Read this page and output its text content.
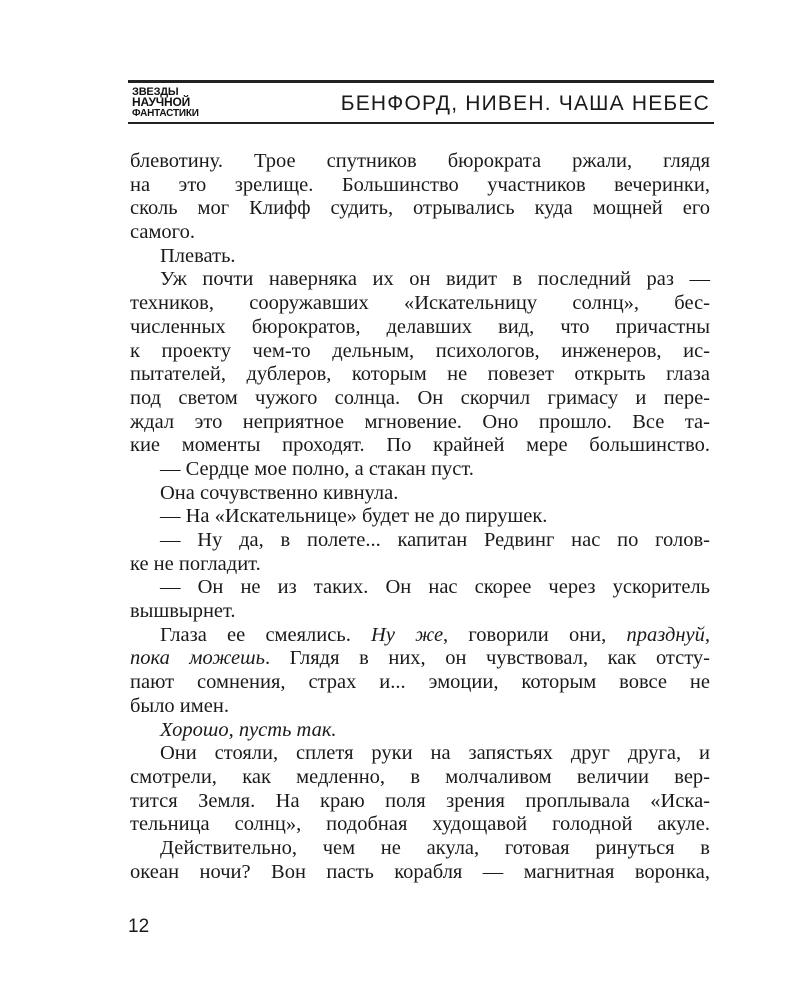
ЗВЕЗДЫ
НАУЧНОЙ
ФАНТАСТИКИ	БЕНФОРД, НИВЕН. ЧАША НЕБЕС
блевотину. Трое спутников бюрократа ржали, глядя
на это зрелище. Большинство участников вечеринки,
сколь мог Клифф судить, отрывались куда мощней его
самого.
Плевать.
Уж почти наверняка их он видит в последний раз —
техников, сооружавших «Искательницу солнц», бес-
численных бюрократов, делавших вид, что причастны
к проекту чем-то дельным, психологов, инженеров, ис-
пытателей, дублеров, которым не повезет открыть глаза
под светом чужого солнца. Он скорчил гримасу и пере-
ждал это неприятное мгновение. Оно прошло. Все та-
кие моменты проходят. По крайней мере большинство.
— Сердце мое полно, а стакан пуст.
Она сочувственно кивнула.
— На «Искательнице» будет не до пирушек.
— Ну да, в полете... капитан Редвинг нас по голов-
ке не погладит.
— Он не из таких. Он нас скорее через ускоритель
вышвырнет.
Глаза ее смеялись. Ну же, говорили они, празднуй,
пока можешь. Глядя в них, он чувствовал, как отсту-
пают сомнения, страх и... эмоции, которым вовсе не
было имен.
Хорошо, пусть так.
Они стояли, сплетя руки на запястьях друг друга, и
смотрели, как медленно, в молчаливом величии вер-
тится Земля. На краю поля зрения проплывала «Иска-
тельница солнц», подобная худощавой голодной акуле.
Действительно, чем не акула, готовая ринуться в
океан ночи? Вон пасть корабля — магнитная воронка,
12
